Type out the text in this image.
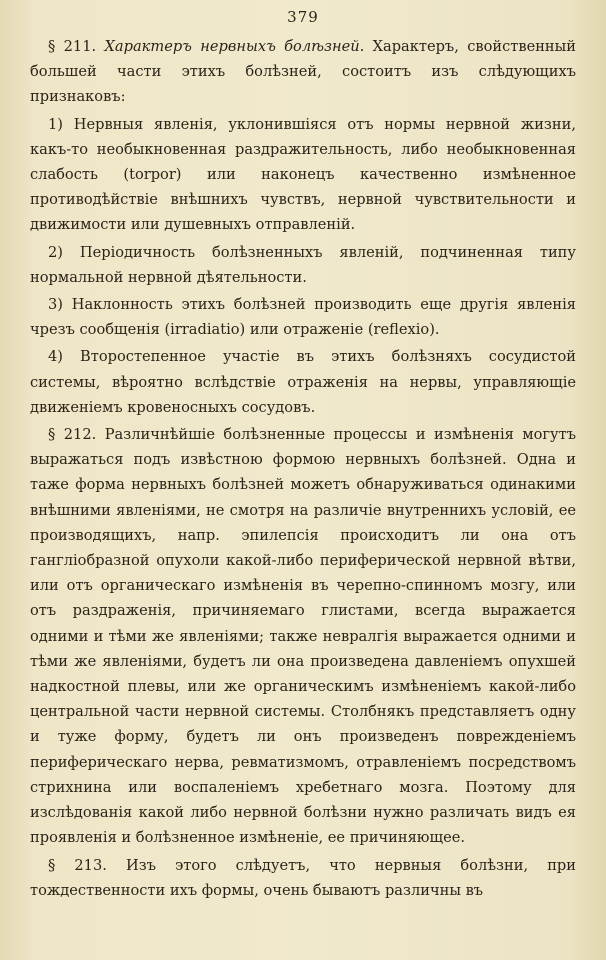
379

§ 211. Характеръ нервныхъ болѣзней. Характеръ, свойственный большей части этихъ болѣзней, состоитъ изъ слѣдующихъ признаковъ:

1) Нервныя явленія, уклонившіяся отъ нормы нервной жизни, какъ-то необыкновенная раздражительность, либо необыкновенная слабость (torpor) или наконецъ качественно измѣненное противодѣйствіе внѣшнихъ чувствъ, нервной чувствительности и движимости или душевныхъ отправленій.

2) Періодичность болѣзненныхъ явленій, подчиненная типу нормальной нервной дѣятельности.

3) Наклонность этихъ болѣзней производить еще другія явленія чрезъ сообщенія (irradiatio) или отраженіе (reflexio).

4) Второстепенное участіе въ этихъ болѣзняхъ сосудистой системы, вѣроятно вслѣдствіе отраженія на нервы, управляющіе движеніемъ кровеносныхъ сосудовъ.

§ 212. Различнѣйшіе болѣзненные процессы и измѣненія могутъ выражаться подъ извѣстною формою нервныхъ болѣзней. Одна и таже форма нервныхъ болѣзней можетъ обнаруживаться одинакими внѣшними явленіями, не смотря на различіе внутреннихъ условій, ее производящихъ, напр. эпилепсія происходитъ ли она отъ гангліобразной опухоли какой-либо периферической нервной вѣтви, или отъ органическаго измѣненія въ черепно-спинномъ мозгу, или отъ раздраженія, причиняемаго глистами, всегда выражается одними и тѣми же явленіями; также невралгія выражается одними и тѣми же явленіями, будетъ ли она произведена давленіемъ опухшей надкостной плевы, или же органическимъ измѣненіемъ какой-либо центральной части нервной системы. Столбнякъ представляетъ одну и туже форму, будетъ ли онъ произведенъ поврежденіемъ периферическаго нерва, ревматизмомъ, отравленіемъ посредствомъ стрихнина или воспаленіемъ хребетнаго мозга. Поэтому для изслѣдованія какой либо нервной болѣзни нужно различать видъ ея проявленія и болѣзненное измѣненіе, ее причиняющее.

§ 213. Изъ этого слѣдуетъ, что нервныя болѣзни, при тождественности ихъ формы, очень бываютъ различны въ
